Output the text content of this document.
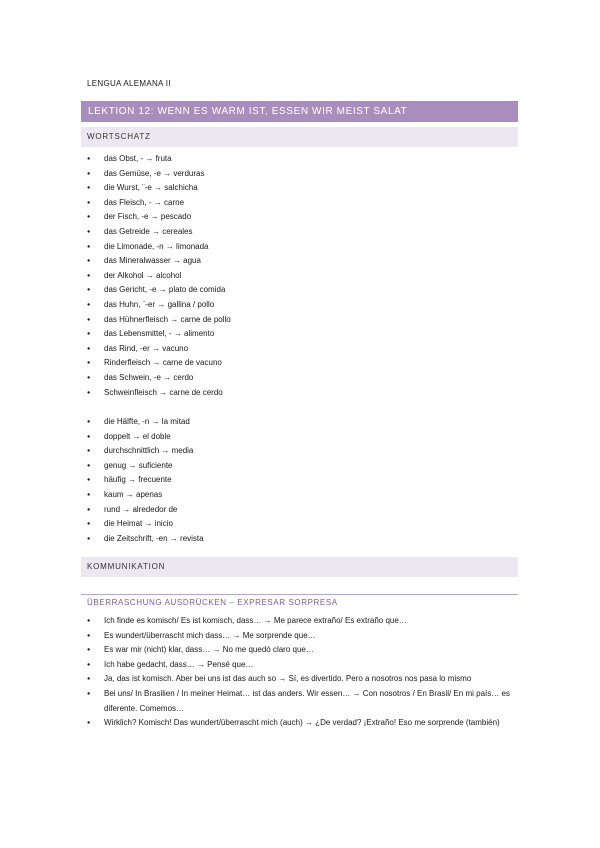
LENGUA ALEMANA II
LEKTION 12: WENN ES WARM IST, ESSEN WIR MEIST SALAT
WORTSCHATZ
● das Obst, - → fruta
● das Gemüse, -e → verduras
● die Wurst, ¨-e → salchicha
● das Fleisch, - → carne
● der Fisch, -e → pescado
● das Getreide → cereales
● die Limonade, -n → limonada
● das Mineralwasser → agua
● der Alkohol → alcohol
● das Gericht, -e → plato de comida
● das Huhn, ¨-er → gallina / pollo
● das Hühnerfleisch → carne de pollo
● das Lebensmittel, - → alimento
● das Rind, -er → vacuno
● Rinderfleisch → carne de vacuno
● das Schwein, -e → cerdo
● Schweinfleisch → carne de cerdo
● die Hälfte, -n → la mitad
● doppelt → el doble
● durchschnittlich → media
● genug → suficiente
● häufig → frecuente
● kaum → apenas
● rund → alrededor de
● die Heimat → inicio
● die Zeitschrift, -en → revista
KOMMUNIKATION
ÜBERRASCHUNG AUSDRÜCKEN – EXPRESAR SORPRESA
● Ich finde es komisch/ Es ist komisch, dass… → Me parece extraño/ Es extraño que…
● Es wundert/überrascht mich dass… → Me sorprende que…
● Es war mir (nicht) klar, dass… → No me quedó claro que…
● Ich habe gedacht, dass… → Pensé que…
● Ja, das ist komisch. Aber bei uns ist das auch so → Sí, es divertido. Pero a nosotros nos pasa lo mismo
● Bei uns/ In Brasilien / In meiner Heimat… ist das anders. Wir essen… → Con nosotros / En Brasil/ En mi país… es diferente. Comemos…
● Wirklich? Komisch! Das wundert/überrascht mich (auch) → ¿De verdad? ¡Extraño! Eso me sorprende (también)
